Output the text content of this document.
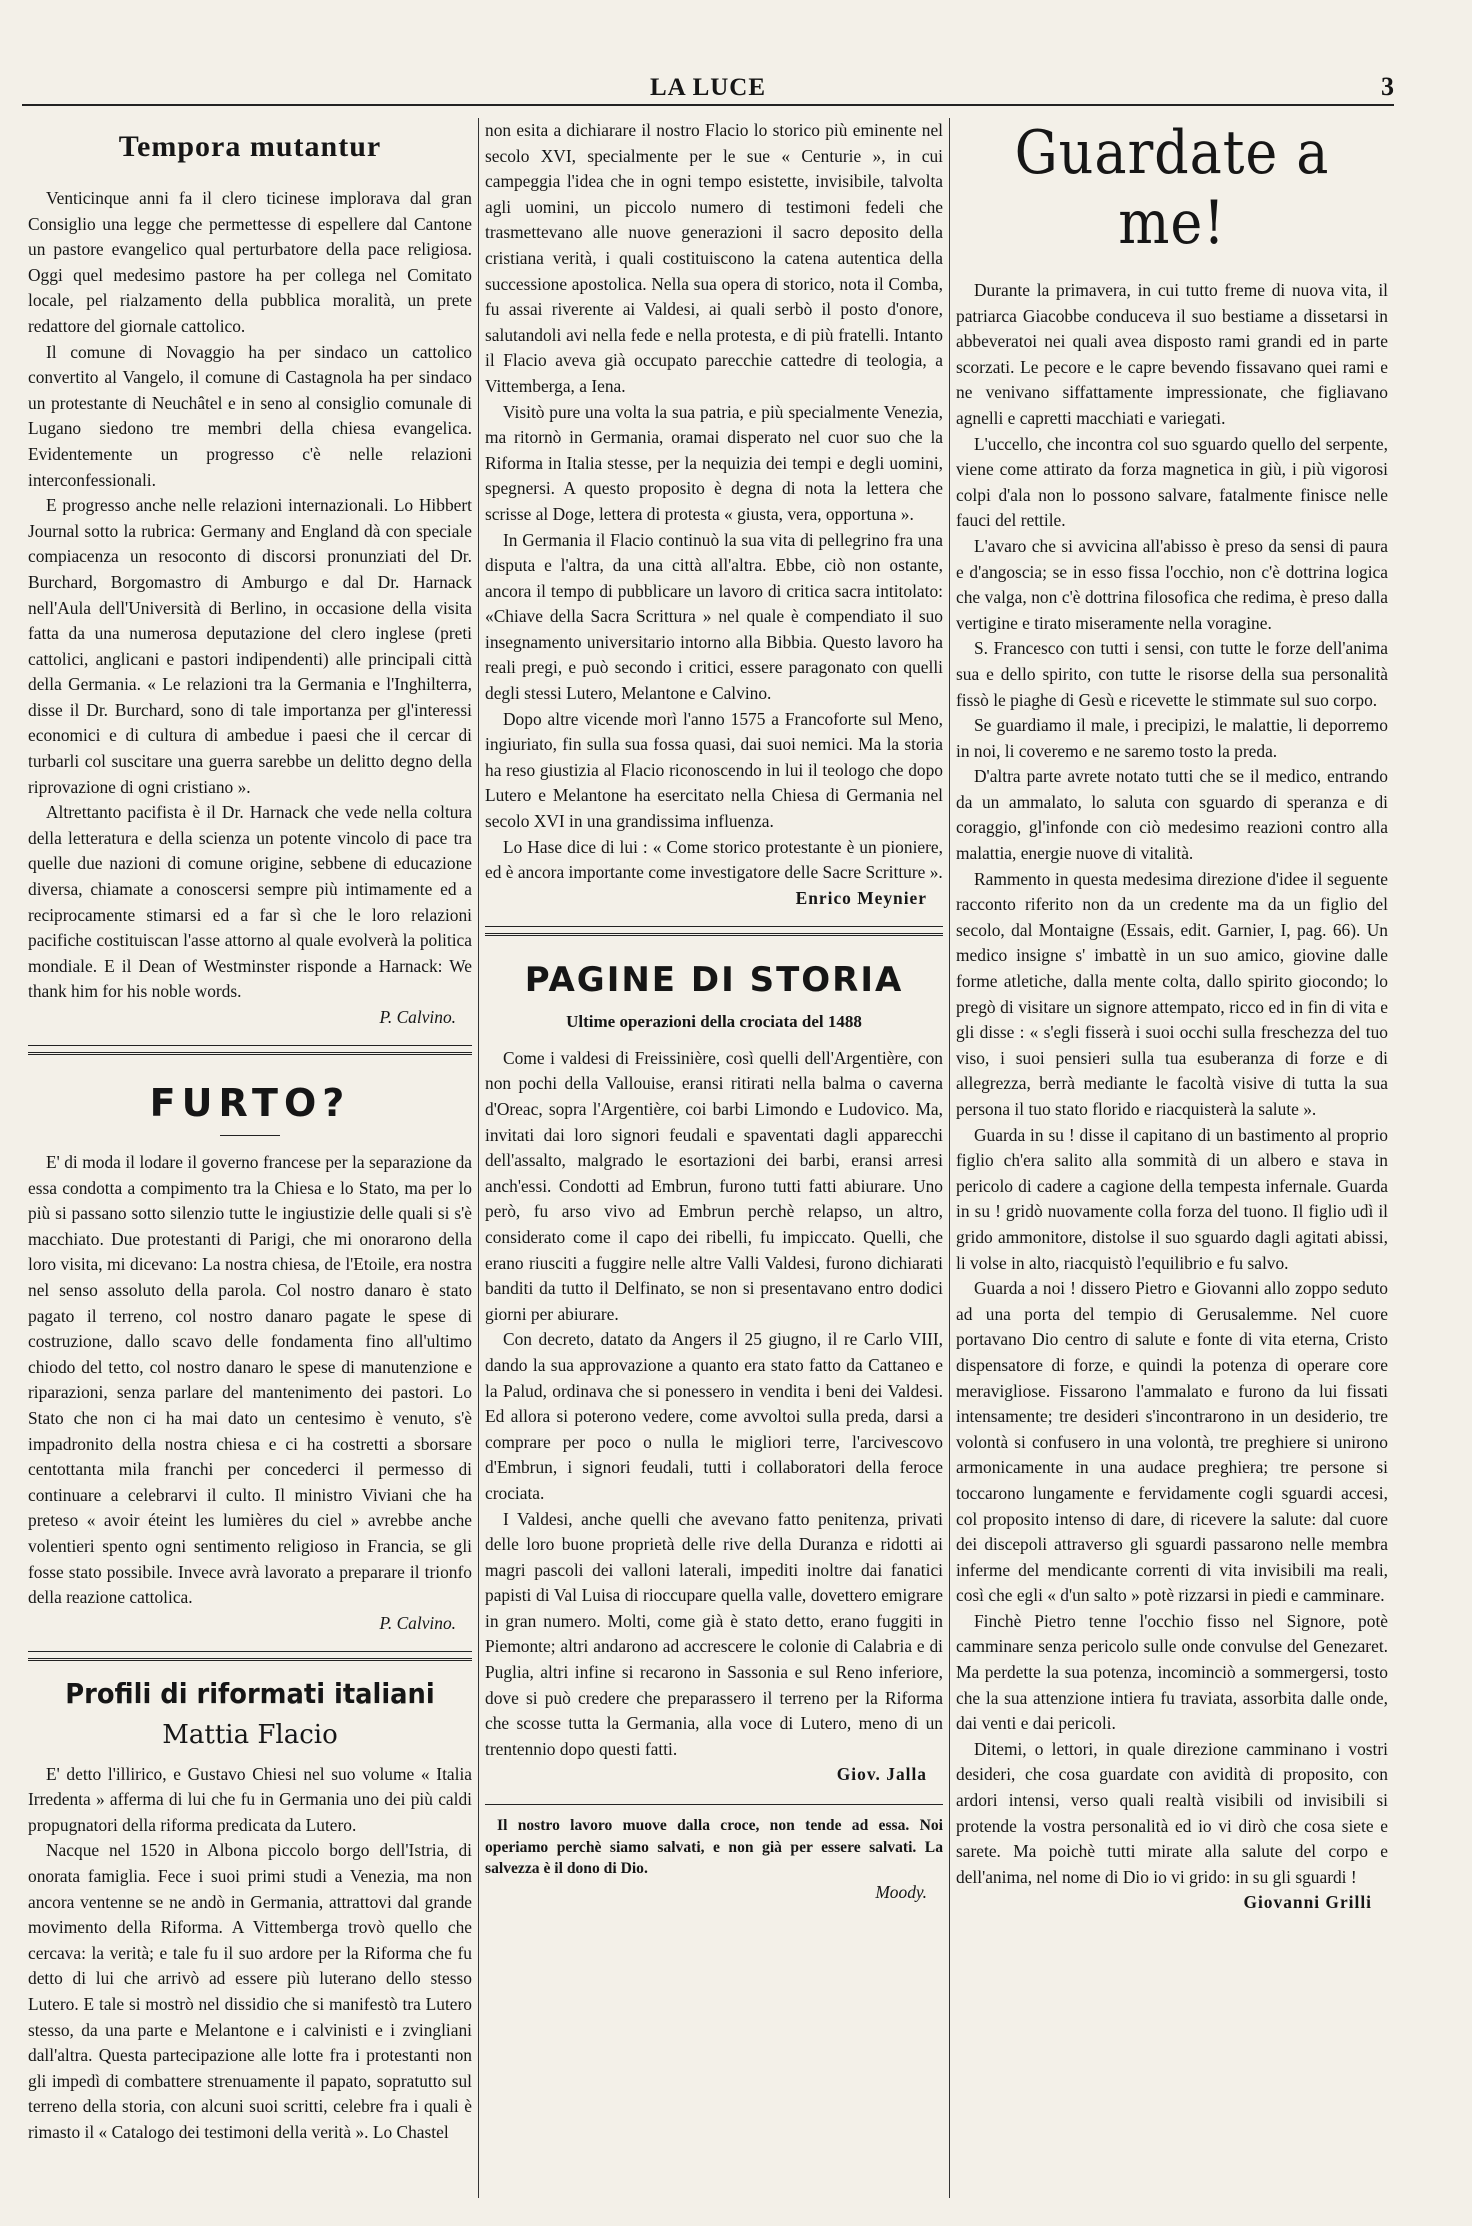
LA LUCE	3
Tempora mutantur

Venticinque anni fa il clero ticinese implorava dal gran Consiglio una legge che permettesse di espellere dal Cantone un pastore evangelico qual perturbatore della pace religiosa. Oggi quel medesimo pastore ha per collega nel Comitato locale, pel rialzamento della pubblica moralità, un prete redattore del giornale cattolico.

Il comune di Novaggio ha per sindaco un cattolico convertito al Vangelo, il comune di Castagnola ha per sindaco un protestante di Neuchâtel e in seno al consiglio comunale di Lugano siedono tre membri della chiesa evangelica. Evidentemente un progresso c'è nelle relazioni interconfessionali.

E progresso anche nelle relazioni internazionali. Lo Hibbert Journal sotto la rubrica: Germany and England dà con speciale compiacenza un resoconto di discorsi pronunziati del Dr. Burchard, Borgomastro di Amburgo e dal Dr. Harnack nell'Aula dell'Università di Berlino, in occasione della visita fatta da una numerosa deputazione del clero inglese (preti cattolici, anglicani e pastori indipendenti) alle principali città della Germania. « Le relazioni tra la Germania e l'Inghilterra, disse il Dr. Burchard, sono di tale importanza per gl'interessi economici e di cultura di ambedue i paesi che il cercar di turbarli col suscitare una guerra sarebbe un delitto degno della riprovazione di ogni cristiano ».

Altrettanto pacifista è il Dr. Harnack che vede nella coltura della letteratura e della scienza un potente vincolo di pace tra quelle due nazioni di comune origine, sebbene di educazione diversa, chiamate a conoscersi sempre più intimamente ed a reciprocamente stimarsi ed a far sì che le loro relazioni pacifiche costituiscan l'asse attorno al quale evolverà la politica mondiale. E il Dean of Westminster risponde a Harnack: We thank him for his noble words.

P. Calvino.
FURTO?

E' di moda il lodare il governo francese per la separazione da essa condotta a compimento tra la Chiesa e lo Stato, ma per lo più si passano sotto silenzio tutte le ingiustizie delle quali si s'è macchiato. Due protestanti di Parigi, che mi onorarono della loro visita, mi dicevano: La nostra chiesa, de l'Etoile, era nostra nel senso assoluto della parola. Col nostro danaro è stato pagato il terreno, col nostro danaro pagate le spese di costruzione, dallo scavo delle fondamenta fino all'ultimo chiodo del tetto, col nostro danaro le spese di manutenzione e riparazioni, senza parlare del mantenimento dei pastori. Lo Stato che non ci ha mai dato un centesimo è venuto, s'è impadronito della nostra chiesa e ci ha costretti a sborsare centottanta mila franchi per concederci il permesso di continuare a celebrarvi il culto. Il ministro Viviani che ha preteso « avoir éteint les lumières du ciel » avrebbe anche volentieri spento ogni sentimento religioso in Francia, se gli fosse stato possibile. Invece avrà lavorato a preparare il trionfo della reazione cattolica.

P. Calvino.
Profili di riformati italiani
Mattia Flacio

E' detto l'illirico, e Gustavo Chiesi nel suo volume « Italia Irredenta » afferma di lui che fu in Germania uno dei più caldi propugnatori della riforma predicata da Lutero.

Nacque nel 1520 in Albona piccolo borgo dell'Istria, di onorata famiglia. Fece i suoi primi studi a Venezia, ma non ancora ventenne se ne andò in Germania, attrattovi dal grande movimento della Riforma. A Vittemberga trovò quello che cercava: la verità; e tale fu il suo ardore per la Riforma che fu detto di lui che arrivò ad essere più luterano dello stesso Lutero. E tale si mostrò nel dissidio che si manifestò tra Lutero stesso, da una parte e Melantone e i calvinisti e i zvingliani dall'altra. Questa partecipazione alle lotte fra i protestanti non gli impedì di combattere strenuamente il papato, sopratutto sul terreno della storia, con alcuni suoi scritti, celebre fra i quali è rimasto il « Catalogo dei testimoni della verità ». Lo Chastel

non esita a dichiarare il nostro Flacio lo storico più eminente nel secolo XVI, specialmente per le sue « Centurie », in cui campeggia l'idea che in ogni tempo esistette, invisibile, talvolta agli uomini, un piccolo numero di testimoni fedeli che trasmettevano alle nuove generazioni il sacro deposito della cristiana verità, i quali costituiscono la catena autentica della successione apostolica. Nella sua opera di storico, nota il Comba, fu assai riverente ai Valdesi, ai quali serbò il posto d'onore, salutandoli avi nella fede e nella protesta, e di più fratelli. Intanto il Flacio aveva già occupato parecchie cattedre di teologia, a Vittemberga, a Iena.

Visitò pure una volta la sua patria, e più specialmente Venezia, ma ritornò in Germania, oramai disperato nel cuor suo che la Riforma in Italia stesse, per la nequizia dei tempi e degli uomini, spegnersi. A questo proposito è degna di nota la lettera che scrisse al Doge, lettera di protesta « giusta, vera, opportuna ».

In Germania il Flacio continuò la sua vita di pellegrino fra una disputa e l'altra, da una città all'altra. Ebbe, ciò non ostante, ancora il tempo di pubblicare un lavoro di critica sacra intitolato: «Chiave della Sacra Scrittura » nel quale è compendiato il suo insegnamento universitario intorno alla Bibbia. Questo lavoro ha reali pregi, e può secondo i critici, essere paragonato con quelli degli stessi Lutero, Melantone e Calvino.

Dopo altre vicende morì l'anno 1575 a Francoforte sul Meno, ingiuriato, fin sulla sua fossa quasi, dai suoi nemici. Ma la storia ha reso giustizia al Flacio riconoscendo in lui il teologo che dopo Lutero e Melantone ha esercitato nella Chiesa di Germania nel secolo XVI in una grandissima influenza.

Lo Hase dice di lui : « Come storico protestante è un pioniere, ed è ancora importante come investigatore delle Sacre Scritture ».

Enrico Meynier
PAGINE DI STORIA
Ultime operazioni della crociata del 1488

Come i valdesi di Freissinière, così quelli dell'Argentière, con non pochi della Vallouise, eransi ritirati nella balma o caverna d'Oreac, sopra l'Argentière, coi barbi Limondo e Ludovico. Ma, invitati dai loro signori feudali e spaventati dagli apparecchi dell'assalto, malgrado le esortazioni dei barbi, eransi arresi anch'essi. Condotti ad Embrun, furono tutti fatti abiurare. Uno però, fu arso vivo ad Embrun perchè relapso, un altro, considerato come il capo dei ribelli, fu impiccato. Quelli, che erano riusciti a fuggire nelle altre Valli Valdesi, furono dichiarati banditi da tutto il Delfinato, se non si presentavano entro dodici giorni per abiurare.

Con decreto, datato da Angers il 25 giugno, il re Carlo VIII, dando la sua approvazione a quanto era stato fatto da Cattaneo e la Palud, ordinava che si ponessero in vendita i beni dei Valdesi. Ed allora si poterono vedere, come avvoltoi sulla preda, darsi a comprare per poco o nulla le migliori terre, l'arcivescovo d'Embrun, i signori feudali, tutti i collaboratori della feroce crociata.

I Valdesi, anche quelli che avevano fatto penitenza, privati delle loro buone proprietà delle rive della Duranza e ridotti ai magri pascoli dei valloni laterali, impediti inoltre dai fanatici papisti di Val Luisa di rioccupare quella valle, dovettero emigrare in gran numero. Molti, come già è stato detto, erano fuggiti in Piemonte; altri andarono ad accrescere le colonie di Calabria e di Puglia, altri infine si recarono in Sassonia e sul Reno inferiore, dove si può credere che preparassero il terreno per la Riforma che scosse tutta la Germania, alla voce di Lutero, meno di un trentennio dopo questi fatti.

Giov. Jalla

Il nostro lavoro muove dalla croce, non tende ad essa. Noi operiamo perchè siamo salvati, e non già per essere salvati. La salvezza è il dono di Dio.

Moody.
Guardate a me!

Durante la primavera, in cui tutto freme di nuova vita, il patriarca Giacobbe conduceva il suo bestiame a dissetarsi in abbeveratoi nei quali avea disposto rami grandi ed in parte scorzati. Le pecore e le capre bevendo fissavano quei rami e ne venivano siffattamente impressionate, che figliavano agnelli e capretti macchiati e variegati.

L'uccello, che incontra col suo sguardo quello del serpente, viene come attirato da forza magnetica in giù, i più vigorosi colpi d'ala non lo possono salvare, fatalmente finisce nelle fauci del rettile.

L'avaro che si avvicina all'abisso è preso da sensi di paura e d'angoscia; se in esso fissa l'occhio, non c'è dottrina logica che valga, non c'è dottrina filosofica che redima, è preso dalla vertigine e tirato miseramente nella voragine.

S. Francesco con tutti i sensi, con tutte le forze dell'anima sua e dello spirito, con tutte le risorse della sua personalità fissò le piaghe di Gesù e ricevette le stimmate sul suo corpo.

Se guardiamo il male, i precipizi, le malattie, li deporremo in noi, li coveremo e ne saremo tosto la preda.

D'altra parte avrete notato tutti che se il medico, entrando da un ammalato, lo saluta con sguardo di speranza e di coraggio, gl'infonde con ciò medesimo reazioni contro alla malattia, energie nuove di vitalità.

Rammento in questa medesima direzione d'idee il seguente racconto riferito non da un credente ma da un figlio del secolo, dal Montaigne (Essais, edit. Garnier, I, pag. 66). Un medico insigne s' imbattè in un suo amico, giovine dalle forme atletiche, dalla mente colta, dallo spirito giocondo; lo pregò di visitare un signore attempato, ricco ed in fin di vita e gli disse : « s'egli fisserà i suoi occhi sulla freschezza del tuo viso, i suoi pensieri sulla tua esuberanza di forze e di allegrezza, berrà mediante le facoltà visive di tutta la sua persona il tuo stato florido e riacquisterà la salute ».

Guarda in su ! disse il capitano di un bastimento al proprio figlio ch'era salito alla sommità di un albero e stava in pericolo di cadere a cagione della tempesta infernale. Guarda in su ! gridò nuovamente colla forza del tuono. Il figlio udì il grido ammonitore, distolse il suo sguardo dagli agitati abissi, li volse in alto, riacquistò l'equilibrio e fu salvo.

Guarda a noi ! dissero Pietro e Giovanni allo zoppo seduto ad una porta del tempio di Gerusalemme. Nel cuore portavano Dio centro di salute e fonte di vita eterna, Cristo dispensatore di forze, e quindi la potenza di operare core meravigliose. Fissarono l'ammalato e furono da lui fissati intensamente; tre desideri s'incontrarono in un desiderio, tre volontà si confusero in una volontà, tre preghiere si unirono armonicamente in una audace preghiera; tre persone si toccarono lungamente e fervidamente cogli sguardi accesi, col proposito intenso di dare, di ricevere la salute: dal cuore dei discepoli attraverso gli sguardi passarono nelle membra inferme del mendicante correnti di vita invisibili ma reali, così che egli « d'un salto » potè rizzarsi in piedi e camminare.

Finchè Pietro tenne l'occhio fisso nel Signore, potè camminare senza pericolo sulle onde convulse del Genezaret. Ma perdette la sua potenza, incominciò a sommergersi, tosto che la sua attenzione intiera fu traviata, assorbita dalle onde, dai venti e dai pericoli.

Ditemi, o lettori, in quale direzione camminano i vostri desideri, che cosa guardate con avidità di proposito, con ardori intensi, verso quali realtà visibili od invisibili si protende la vostra personalità ed io vi dirò che cosa siete e sarete. Ma poichè tutti mirate alla salute del corpo e dell'anima, nel nome di Dio io vi grido: in su gli sguardi !

Giovanni Grilli
